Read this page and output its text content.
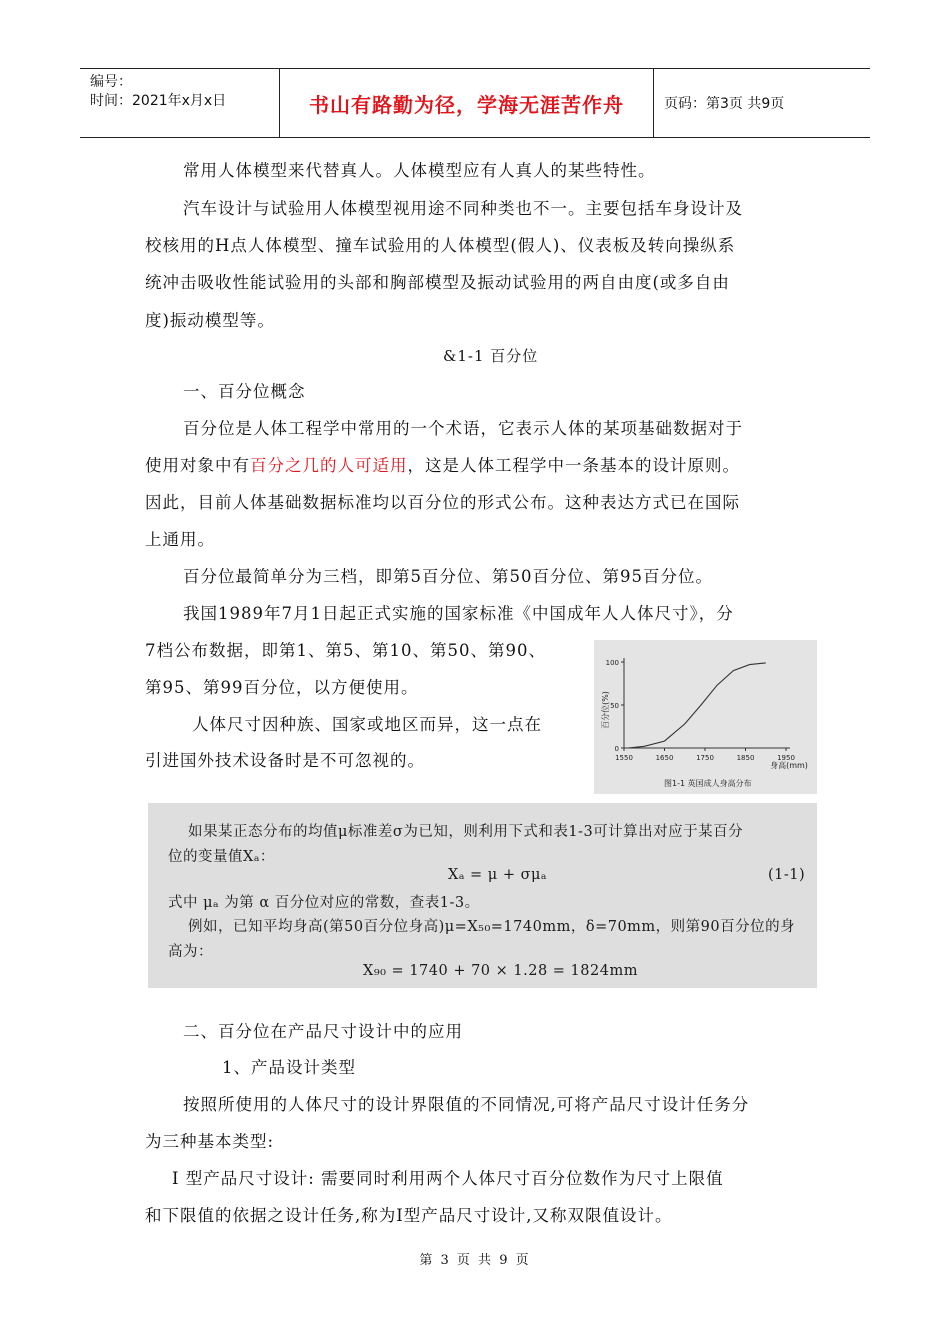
编号：
时间：2021年x月x日	书山有路勤为径，学海无涯苦作舟	页码：第3页 共9页
常用人体模型来代替真人。人体模型应有人真人的某些特性。
汽车设计与试验用人体模型视用途不同种类也不一。主要包括车身设计及
校核用的H点人体模型、撞车试验用的人体模型(假人)、仪表板及转向操纵系
统冲击吸收性能试验用的头部和胸部模型及振动试验用的两自由度(或多自由
度)振动模型等。
&1-1 百分位
一、百分位概念
百分位是人体工程学中常用的一个术语，它表示人体的某项基础数据对于
使用对象中有百分之几的人可适用，这是人体工程学中一条基本的设计原则。
因此，目前人体基础数据标准均以百分位的形式公布。这种表达方式已在国际
上通用。
百分位最简单分为三档，即第5百分位、第50百分位、第95百分位。
我国1989年7月1日起正式实施的国家标准《中国成年人人体尺寸》，分
7档公布数据，即第1、第5、第10、第50、第90、
第95、第99百分位，以方便使用。
人体尺寸因种族、国家或地区而异，这一点在
引进国外技术设备时是不可忽视的。
100
50
0
1550	1650	1750	1850	1950
百分位(%)
身高(mm)
图1-1 英国成人身高分布
如果某正态分布的均值μ标准差σ为已知，则利用下式和表1-3可计算出对应于某百分
位的变量值Xₐ：
Xₐ = μ + σμₐ	(1-1)
式中 μₐ 为第 α 百分位对应的常数，查表1-3。
例如，已知平均身高(第50百分位身高)μ=X₅₀=1740mm，δ=70mm，则第90百分位的身
高为：
X₉₀ = 1740 + 70 × 1.28 = 1824mm
二、百分位在产品尺寸设计中的应用
1、产品设计类型
按照所使用的人体尺寸的设计界限值的不同情况,可将产品尺寸设计任务分
为三种基本类型:
Ⅰ 型产品尺寸设计: 需要同时利用两个人体尺寸百分位数作为尺寸上限值
和下限值的依据之设计任务,称为Ⅰ型产品尺寸设计,又称双限值设计。
第 3 页 共 9 页
